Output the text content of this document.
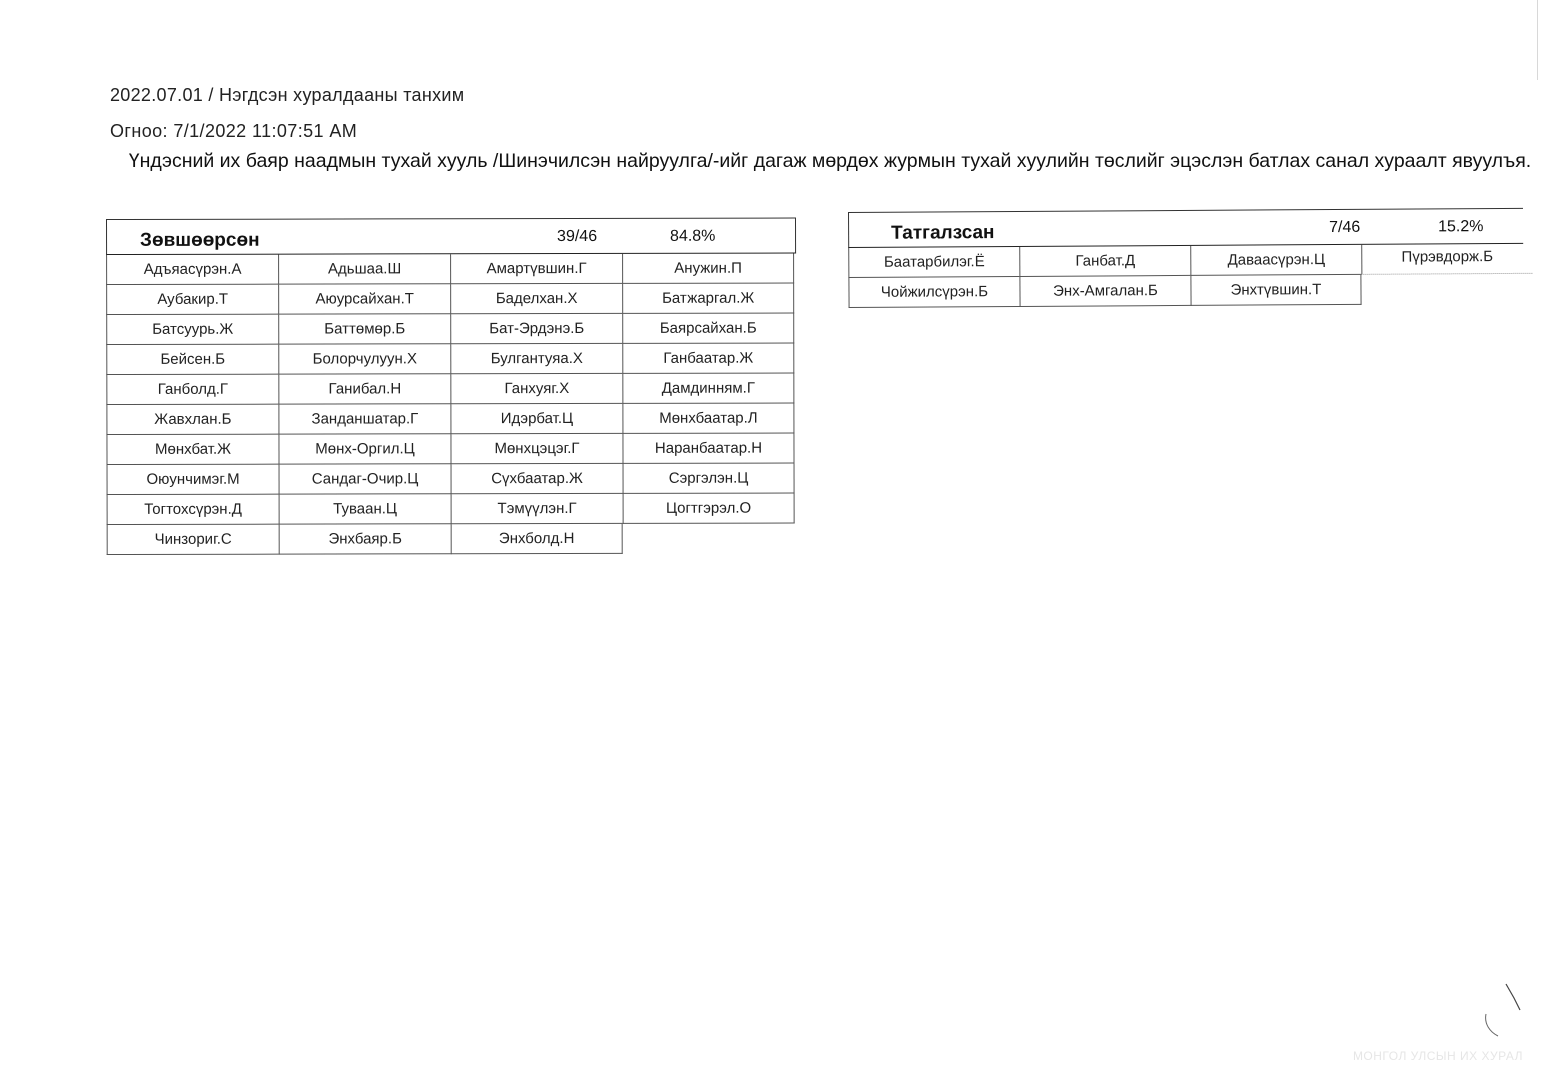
2022.07.01 / Нэгдсэн хуралдааны танхим
Огноо: 7/1/2022 11:07:51 AM
Үндэсний их баяр наадмын тухай хууль /Шинэчилсэн найруулга/-ийг дагаж мөрдөх журмын тухай хуулийн төслийг эцэслэн батлах санал хураалт явуулъя.
Зөвшөөрсөн	39/46	84.8%
Адъяасүрэн.А	Адьшаа.Ш	Амартүвшин.Г	Анужин.П
Аубакир.Т	Аюурсайхан.Т	Баделхан.Х	Батжаргал.Ж
Батсуурь.Ж	Баттөмөр.Б	Бат-Эрдэнэ.Б	Баярсайхан.Б
Бейсен.Б	Болорчулуун.Х	Булгантуяа.Х	Ганбаатар.Ж
Ганболд.Г	Ганибал.Н	Ганхуяг.Х	Дамдинням.Г
Жавхлан.Б	Занданшатар.Г	Идэрбат.Ц	Мөнхбаатар.Л
Мөнхбат.Ж	Мөнх-Оргил.Ц	Мөнхцэцэг.Г	Наранбаатар.Н
Оюунчимэг.М	Сандаг-Очир.Ц	Сүхбаатар.Ж	Сэргэлэн.Ц
Тогтохсүрэн.Д	Туваан.Ц	Тэмүүлэн.Г	Цогтгэрэл.О
Чинзориг.С	Энхбаяр.Б	Энхболд.Н
Татгалзсан	7/46	15.2%
Баатарбилэг.Ё	Ганбат.Д	Даваасүрэн.Ц	Пүрэвдорж.Б
Чойжилсүрэн.Б	Энх-Амгалан.Б	Энхтүвшин.Т
МОНГОЛ УЛСЫН ИХ ХУРАЛ
